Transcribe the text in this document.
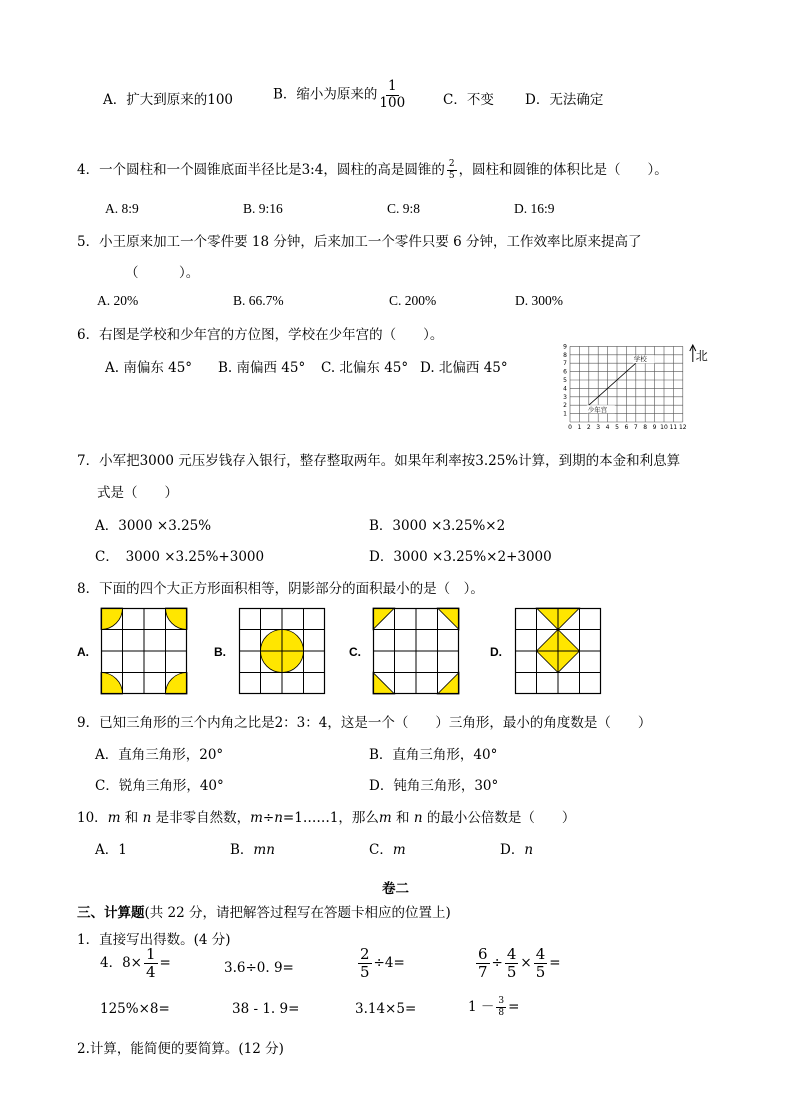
A．扩大到原来的100	B．缩小为原来的 $\frac{1}{100}$	C．不变 D．无法确定
4．一个圆柱和一个圆锥底面半径比是3:4，圆柱的高是圆锥的 $\frac{2}{5}$ ，圆柱和圆锥的体积比是（　　）。
A. 8:9	B. 9:16	C. 9:8	D. 16:9
5．小王原来加工一个零件要 18 分钟，后来加工一个零件只要 6 分钟，工作效率比原来提高了
（　　　）。
A. 20%	B. 66.7%	C. 200%	D. 300%
6．右图是学校和少年宫的方位图，学校在少年宫的（　　）。
A. 南偏东 45° B. 南偏西 45° C. 北偏东 45° D. 北偏西 45°
0 1 2 3 4 5 6 7 8 9 10 11 12
1
2
3
4
5
6
7
8
9
学校
少年宫
北
7．小军把3000 元压岁钱存入银行，整存整取两年。如果年利率按3.25%计算，到期的本金和利息算
式是（　　）
A．3000 ×3.25%	B．3000 ×3.25%×2
C．　3000 ×3.25%+3000	D．3000 ×3.25%×2+3000
8．下面的四个大正方形面积相等，阴影部分的面积最小的是（　）。
A.	B.	C.	D.
9．已知三角形的三个内角之比是2：3：4，这是一个（　　）三角形，最小的角度数是（　　）
A．直角三角形，20°	B．直角三角形，40°
C．锐角三角形，40°	D．钝角三角形，30°
10．m 和 n 是非零自然数，m÷n=1……1，那么m 和 n 的最小公倍数是（　　）
A．1	B．mn	C．m	D．n
卷二
三、计算题(共 22 分，请把解答过程写在答题卡相应的位置上)
1．直接写出得数。(4 分)
4．$8\times \frac{1}{4}$ =	3.6÷0. 9=	$\frac{2}{5} \div 4=$	$\frac{6}{7} \div \frac{4}{5} \times \frac{4}{5}$ =
125%×8=	38 - 1. 9=	3.14×5=	$1 - \frac{3}{8}$ =
2.计算，能简便的要简算。(12 分)
